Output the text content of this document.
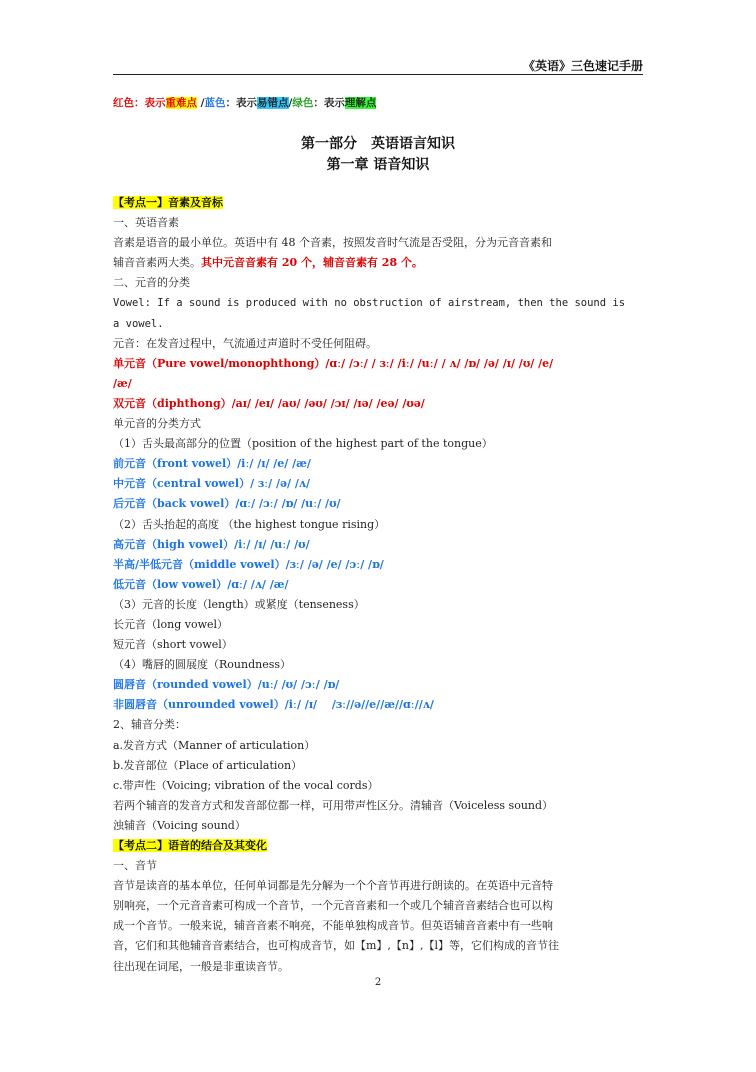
《英语》三色速记手册
红色：表示重难点 /蓝色：表示易错点/绿色：表示理解点
第一部分　英语语言知识
第一章 语音知识

【考点一】音素及音标

一、英语音素

音素是语音的最小单位。英语中有 48 个音素，按照发音时气流是否受阻，分为元音音素和

辅音音素两大类。其中元音音素有 20 个，辅音音素有 28 个。

二、元音的分类

Vowel: If a sound is produced with no obstruction of airstream, then the sound is

a vowel.

元音：在发音过程中，气流通过声道时不受任何阻碍。

单元音（Pure vowel/monophthong）/ɑː/ /ɔː/ / ɜː/ /iː/ /uː/ / ʌ/ /ɒ/ /ə/ /ɪ/ /ʊ/ /e/

/æ/

双元音（diphthong）/aɪ/ /eɪ/ /aʊ/ /əʊ/ /ɔɪ/ /ɪə/ /eə/ /ʊə/

单元音的分类方式

（1）舌头最高部分的位置（position of the highest part of the tongue）

前元音（front vowel）/iː/ /ɪ/ /e/ /æ/

中元音（central vowel）/ ɜː/ /ə/ /ʌ/

后元音（back vowel）/ɑː/ /ɔː/ /ɒ/ /uː/ /ʊ/

（2）舌头抬起的高度 （the highest tongue rising）

高元音（high vowel）/iː/ /ɪ/ /uː/ /ʊ/

半高/半低元音（middle vowel）/ɜː/ /ə/ /e/ /ɔː/ /ɒ/

低元音（low vowel）/ɑː/ /ʌ/ /æ/

（3）元音的长度（length）或紧度（tenseness）

长元音（long vowel）

短元音（short vowel）

（4）嘴唇的圆展度（Roundness）

圆唇音（rounded vowel）/uː/ /ʊ/ /ɔː/ /ɒ/

非圆唇音（unrounded vowel）/iː/ /ɪ/　 /ɜː//ə//e//æ//ɑː//ʌ/

2、辅音分类：

a.发音方式（Manner of articulation）

b.发音部位（Place of articulation）

c.带声性（Voicing; vibration of the vocal cords）

若两个辅音的发音方式和发音部位都一样，可用带声性区分。清辅音（Voiceless sound）

浊辅音（Voicing sound）

【考点二】语音的结合及其变化

一、音节

音节是读音的基本单位，任何单词都是先分解为一个个音节再进行朗读的。在英语中元音特

别响亮，一个元音音素可构成一个音节，一个元音音素和一个或几个辅音音素结合也可以构

成一个音节。一般来说，辅音音素不响亮，不能单独构成音节。但英语辅音音素中有一些响

音，它们和其他辅音音素结合，也可构成音节，如【m】,【n】,【l】等，它们构成的音节往

往出现在词尾，一般是非重读音节。

2
